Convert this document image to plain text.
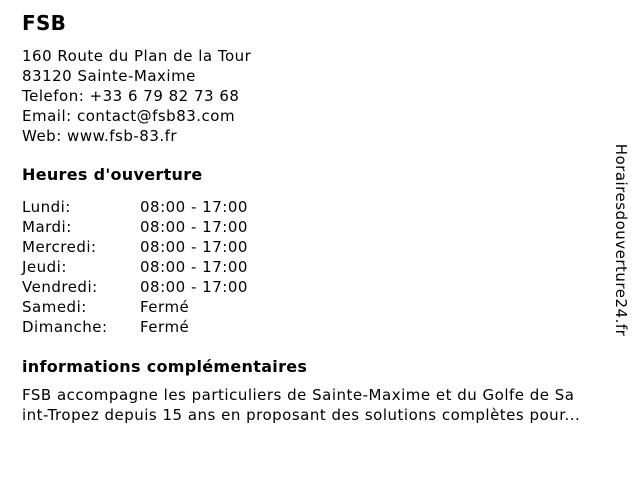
FSB
160 Route du Plan de la Tour
83120 Sainte-Maxime
Telefon: +33 6 79 82 73 68
Email: contact@fsb83.com
Web: www.fsb-83.fr
Heures d'ouverture
Lundi:	08:00 - 17:00
Mardi:	08:00 - 17:00
Mercredi:	08:00 - 17:00
Jeudi:	08:00 - 17:00
Vendredi:	08:00 - 17:00
Samedi:	Fermé
Dimanche: Fermé
informations complémentaires
FSB accompagne les particuliers de Sainte-Maxime et du Golfe de Sa
int-Tropez depuis 15 ans en proposant des solutions complètes pour...
Horairesdouverture24.fr
